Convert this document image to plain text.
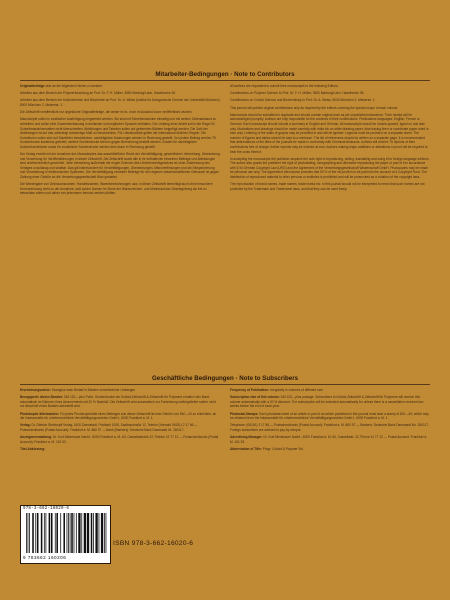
Mitarbeiter-Bedingungen · Note to Contributors

Originalbeiträge sind an die folgenden Herren zu senden:

Arbeiten aus dem Bereich der Polymerforschung an Prof. Dr. F. H. Müller, 3550 Marburg/Lahn, Haselhecke 36.

Arbeiten aus dem Bereich der Kolloidchemie und Biochemie an Prof. Dr. A. Weiss (Institut für Anorganische Chemie der Universität München) 8000 München 2, Meiserstr. 1.

Die Zeitschrift veröffentlicht nur ungekürzte Originalbeiträge, die weder im In- noch im Ausland zuvor veröffentlicht wurden.

Manuskripte sollen in zweifacher Ausfertigung eingereicht werden. Sie sind mit Schreibmaschine einseitig und mit weitem Zeilenabstand zu schreiben und sollen eine Zusammenfassung in deutscher und englischer Sprache enthalten. Der Umfang einer Arbeit soll in der Regel 20 Schreibmaschinenseiten nicht überschreiten. Abbildungen und Tabellen sollen auf getrennten Blättern beigefügt werden. Die Zahl der Abbildungen ist auf das unbedingt notwendige Maß zu beschränken. Für Literaturzitate gelten die international üblichen Regeln. Die Korrekturen sollen sich auf Satzfehler beschränken; nachträgliche Änderungen werden in Rechnung gestellt. Von jedem Beitrag werden 75 Sonderdrucke kostenlos geliefert; weitere Sonderdrucke können gegen Berechnung bestellt werden. Kosten für nachträgliche Autorenkorrekturen sowie für zusätzliche Sonderdrucke werden dem Autor in Rechnung gestellt.

Der Verlag erwirbt mit der Annahme des Manuskriptes das ausschließliche Recht der Vervielfältigung, gewerblichen Verbreitung, Übersetzung und Verwertung für Veröffentlichungen in dieser Zeitschrift. Die Zeitschrift sowie alle in ihr enthaltenen einzelnen Beiträge und Abbildungen sind urheberrechtlich geschützt. Jede Verwertung außerhalb der engen Grenzen des Urheberrechtsgesetzes ist ohne Zustimmung des Verlages unzulässig und strafbar. Das gilt insbesondere für Vervielfältigungen, Übersetzungen, Mikroverfilmungen und die Einspeicherung und Verarbeitung in elektronischen Systemen. Die Vervielfältigung einzelner Beiträge für den eigenen wissenschaftlichen Gebrauch ist gegen Zahlung einer Gebühr an die Verwertungsgesellschaft Wort gestattet.

Die Wiedergabe von Gebrauchsnamen, Handelsnamen, Warenbezeichnungen usw. in dieser Zeitschrift berechtigt auch ohne besondere Kennzeichnung nicht zu der Annahme, daß solche Namen im Sinne der Warenzeichen- und Markenschutz-Gesetzgebung als frei zu betrachten wären und daher von jedermann benutzt werden dürften.

All authors are requested to submit their manuscripts to the following Editors:

Contributions on Polymer Science to Prof. Dr. F. H. Müller, 3550 Marburg/Lahn, Haselhecke 36.

Contributions on Colloid Science and Biochemistry to Prof. Dr. A. Weiss, 8000 München 2, Meiserstr. 1.

This journal will publish original contributions only as required by the editors covering the special scope of each volume.

Manuscripts should be submitted in duplicate and should contain original work as yet unpublished elsewhere. Their receipt will be acknowledged promptly. Authors are fully responsible for the contents of their contributions. Publications languages: English, French or German. Each manuscript should include a summary in English and German. All manuscripts should be double-spaced, typed on one side only. Illustrations and drawings should be made carefully with India ink on white drawing paper; blue tracing linen or coordinate paper ruled in blue only. Lettering of the sides of graphs may be pencilled in and will be typeset. Legends must be provided on a separate sheet. The number of figures and tables should be kept to a minimum. The list of references should be written on a separate page. It is recommended that abbreviations of the titles of the journals be made in conformity with Chemical Abstracts. Authors will receive 75 reprints of their contributions free of charge; further reprints may be ordered at cost. Authors making major additions or alterations in proof will be required to bear the costs thereof.

In accepting the manuscripts the publisher acquires the sole right of reproducing, selling, translating and using it for foreign language editions. The author also grants the publisher the right of photostating, xerographing and otherwise reproducing the paper or part of it in accordance with § 54 German Copyright Law (URG) and the Agreement of the Verwertungsgesellschaft Wissenschaft GmbH. Photocopies may be made for personal use only. The Agreement cited above provides that 50 % of the net profit is to be paid into the account of a Copyright Fund. The distribution of reproduced material to other persons or institutes is prohibited and will be prosecuted as a violation of the copyright laws.

The reproduction of brand names, trade names, trade marks etc. in this journal should not be interpreted to mean that such names are not protected by the Trademark and Tradename laws, and that they can be used freely.

Geschäftliche Bedingungen · Note to Subscribers

Erscheinungsweise: Zwanglos nach Bedarf in Bänden verschiedener Umfanges

Bezugspreis dieses Bandes: DM 120,– plus Porto. Sonderdrucke der Kolloid-Zeitschrift & Zeitschrift für Polymere erhalten den Band automatisch im Rahmen ihres Abonnements mit 20 % Nachlaß. Die Zeitschrift wird automatisch zur Fortsetzung weitergeliefert sofern nicht vor Abschluß eines Bandes abbestellt wird.

Photokopier-Wertmarken: Für jedes Photokopierblatt eines Beitrages aus dieser Zeitschrift ist eine Gebühr von DM –,40 zu entrichten, an die Inkassostelle für urheberrechtliche Vervielfältigungsrechten GmbH., 6000 Frankfurt a. M. 1.

Verlag: Dr. Dietrich Steinkopff Verlag, 6100 Darmstadt, Postfach 1008, Saalbaustraße 12, Telefon (Vorwahl 06151) 2 17 86 — Postscheckkonto (Postal Account): Frankfurt a. M. 860 97 — Bank (Bankers): Deutsche Bank Darmstadt Nr. 260117.

Anzeigenverwaltung: Dr. Kurt Niederauer Nachf., 6000 Frankfurt a. M.-60, Cassellastraße 22, Telefon 41 77 12 — Postscheckkonto (Postal Account): Frankfurt a. M. 161 53.

Titel-Abkürzung:

Frequency of Publication: Irregularly in volumes of different size.

Subscription rate of this volume: DM 120,– plus postage. Subscribers to Kolloid-Zeitschrift & Zeitschrift für Polymere will receive this volume automatically with a 20 % discount. The subscription will be extended automatically for unless there is a cancellation received two weeks before the end of each year.

Photostat-Stamps: Each photostat sheet of an article or part of an article published in this journal must bear a stamp of DM –,40, which may be obtained from the Inkassostelle für urheberrechtliche Vervielfältigungsrechten GmbH., 6000 Frankfurt a. M. 1.

Telephone: (06151) 2 17 86 — Postscheckkonto (Postal Account): Frankfurt a. M. 860 97 — Bankers: Deutsche Bank Darmstadt No. 260117. Foreign subscribers are advised to pay by cheque.

Advertising Manager: Dr. Kurt Niederauer Nachf., 6000 Frankfurt a. M. 60, Cassellastr. 22, Phone 41 77 12 — Postal Account: Frankfurt a. M. 161 53.

Abbreviation of Title: Progr. Colloid & Polymer Sci.

978-3-662-16020-6
9 783662 160206
ISBN 978-3-662-16020-6
